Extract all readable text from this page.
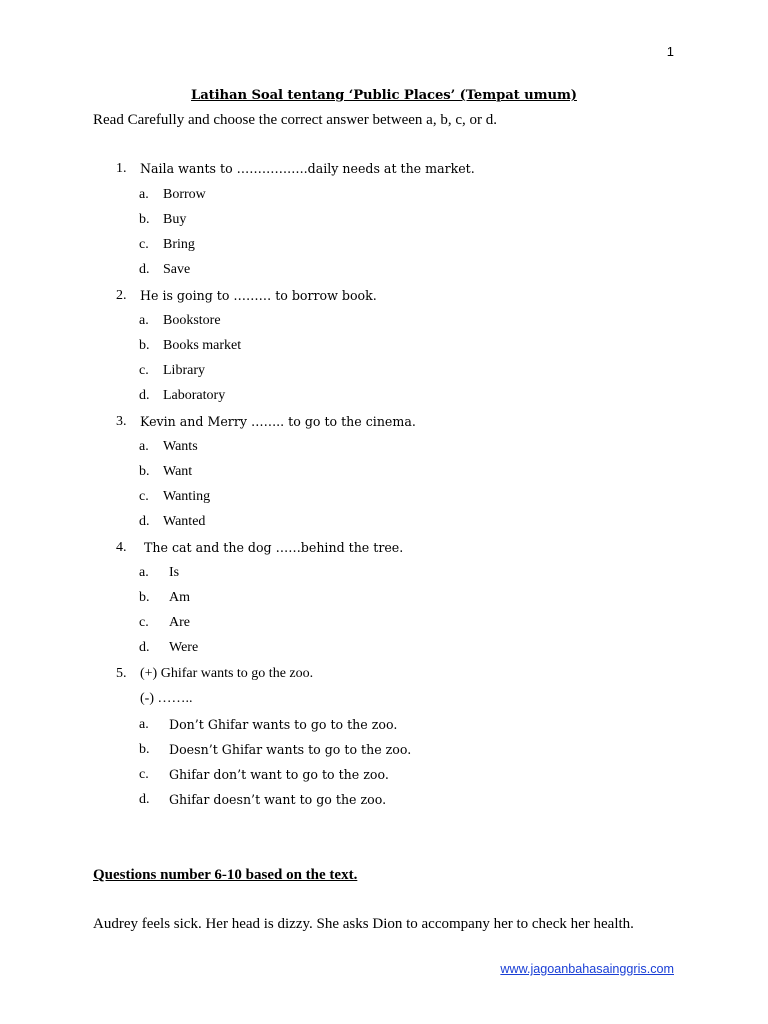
1
Latihan Soal tentang ‘Public Places’ (Tempat umum)
Read Carefully and choose the correct answer between a, b, c, or d.
1. Naila wants to ……………..daily needs at the market.
a. Borrow
b. Buy
c. Bring
d. Save
2. He is going to ……… to borrow book.
a. Bookstore
b. Books market
c. Library
d. Laboratory
3. Kevin and Merry …….. to go to the cinema.
a. Wants
b. Want
c. Wanting
d. Wanted
4. The cat and the dog ……behind the tree.
a. Is
b. Am
c. Are
d. Were
5. (+) Ghifar wants to go the zoo.
(-) ……..
a. Don’t Ghifar wants to go to the zoo.
b. Doesn’t Ghifar wants to go to the zoo.
c. Ghifar don’t want to go to the zoo.
d. Ghifar doesn’t want to go the zoo.
Questions number 6-10 based on the text.
Audrey feels sick. Her head is dizzy. She asks Dion to accompany her to check her health.
www.jagoanbahasainggris.com
